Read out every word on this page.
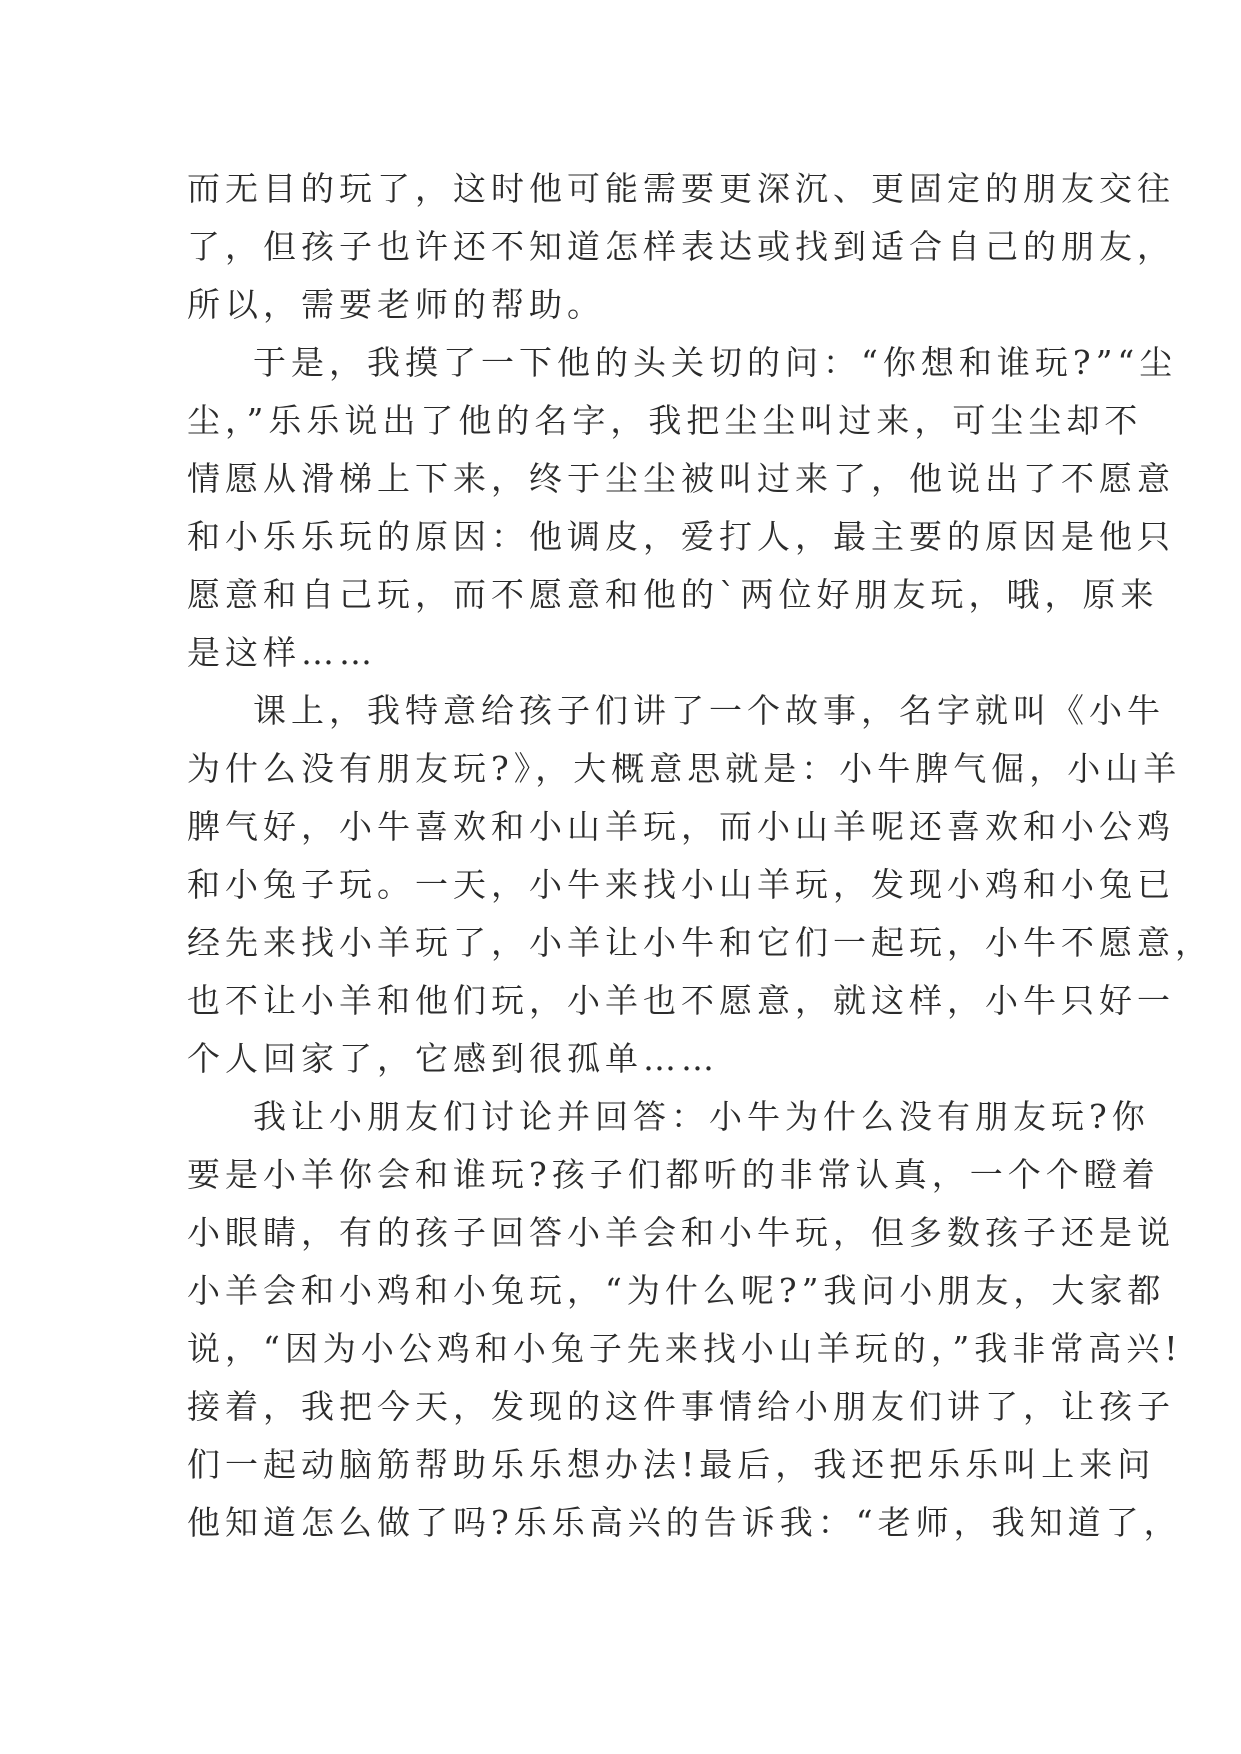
而无目的玩了，这时他可能需要更深沉、更固定的朋友交往
了，但孩子也许还不知道怎样表达或找到适合自己的朋友，
所以，需要老师的帮助。
于是，我摸了一下他的头关切的问：“你想和谁玩?”“尘
尘，”乐乐说出了他的名字，我把尘尘叫过来，可尘尘却不
情愿从滑梯上下来，终于尘尘被叫过来了，他说出了不愿意
和小乐乐玩的原因：他调皮，爱打人，最主要的原因是他只
愿意和自己玩，而不愿意和他的`两位好朋友玩，哦，原来
是这样……
课上，我特意给孩子们讲了一个故事，名字就叫《小牛
为什么没有朋友玩?》，大概意思就是：小牛脾气倔，小山羊
脾气好，小牛喜欢和小山羊玩，而小山羊呢还喜欢和小公鸡
和小兔子玩。一天，小牛来找小山羊玩，发现小鸡和小兔已
经先来找小羊玩了，小羊让小牛和它们一起玩，小牛不愿意，
也不让小羊和他们玩，小羊也不愿意，就这样，小牛只好一
个人回家了，它感到很孤单……
我让小朋友们讨论并回答：小牛为什么没有朋友玩?你
要是小羊你会和谁玩?孩子们都听的非常认真，一个个瞪着
小眼睛，有的孩子回答小羊会和小牛玩，但多数孩子还是说
小羊会和小鸡和小兔玩，“为什么呢?”我问小朋友，大家都
说，“因为小公鸡和小兔子先来找小山羊玩的，”我非常高兴!
接着，我把今天，发现的这件事情给小朋友们讲了，让孩子
们一起动脑筋帮助乐乐想办法!最后，我还把乐乐叫上来问
他知道怎么做了吗?乐乐高兴的告诉我：“老师，我知道了，
